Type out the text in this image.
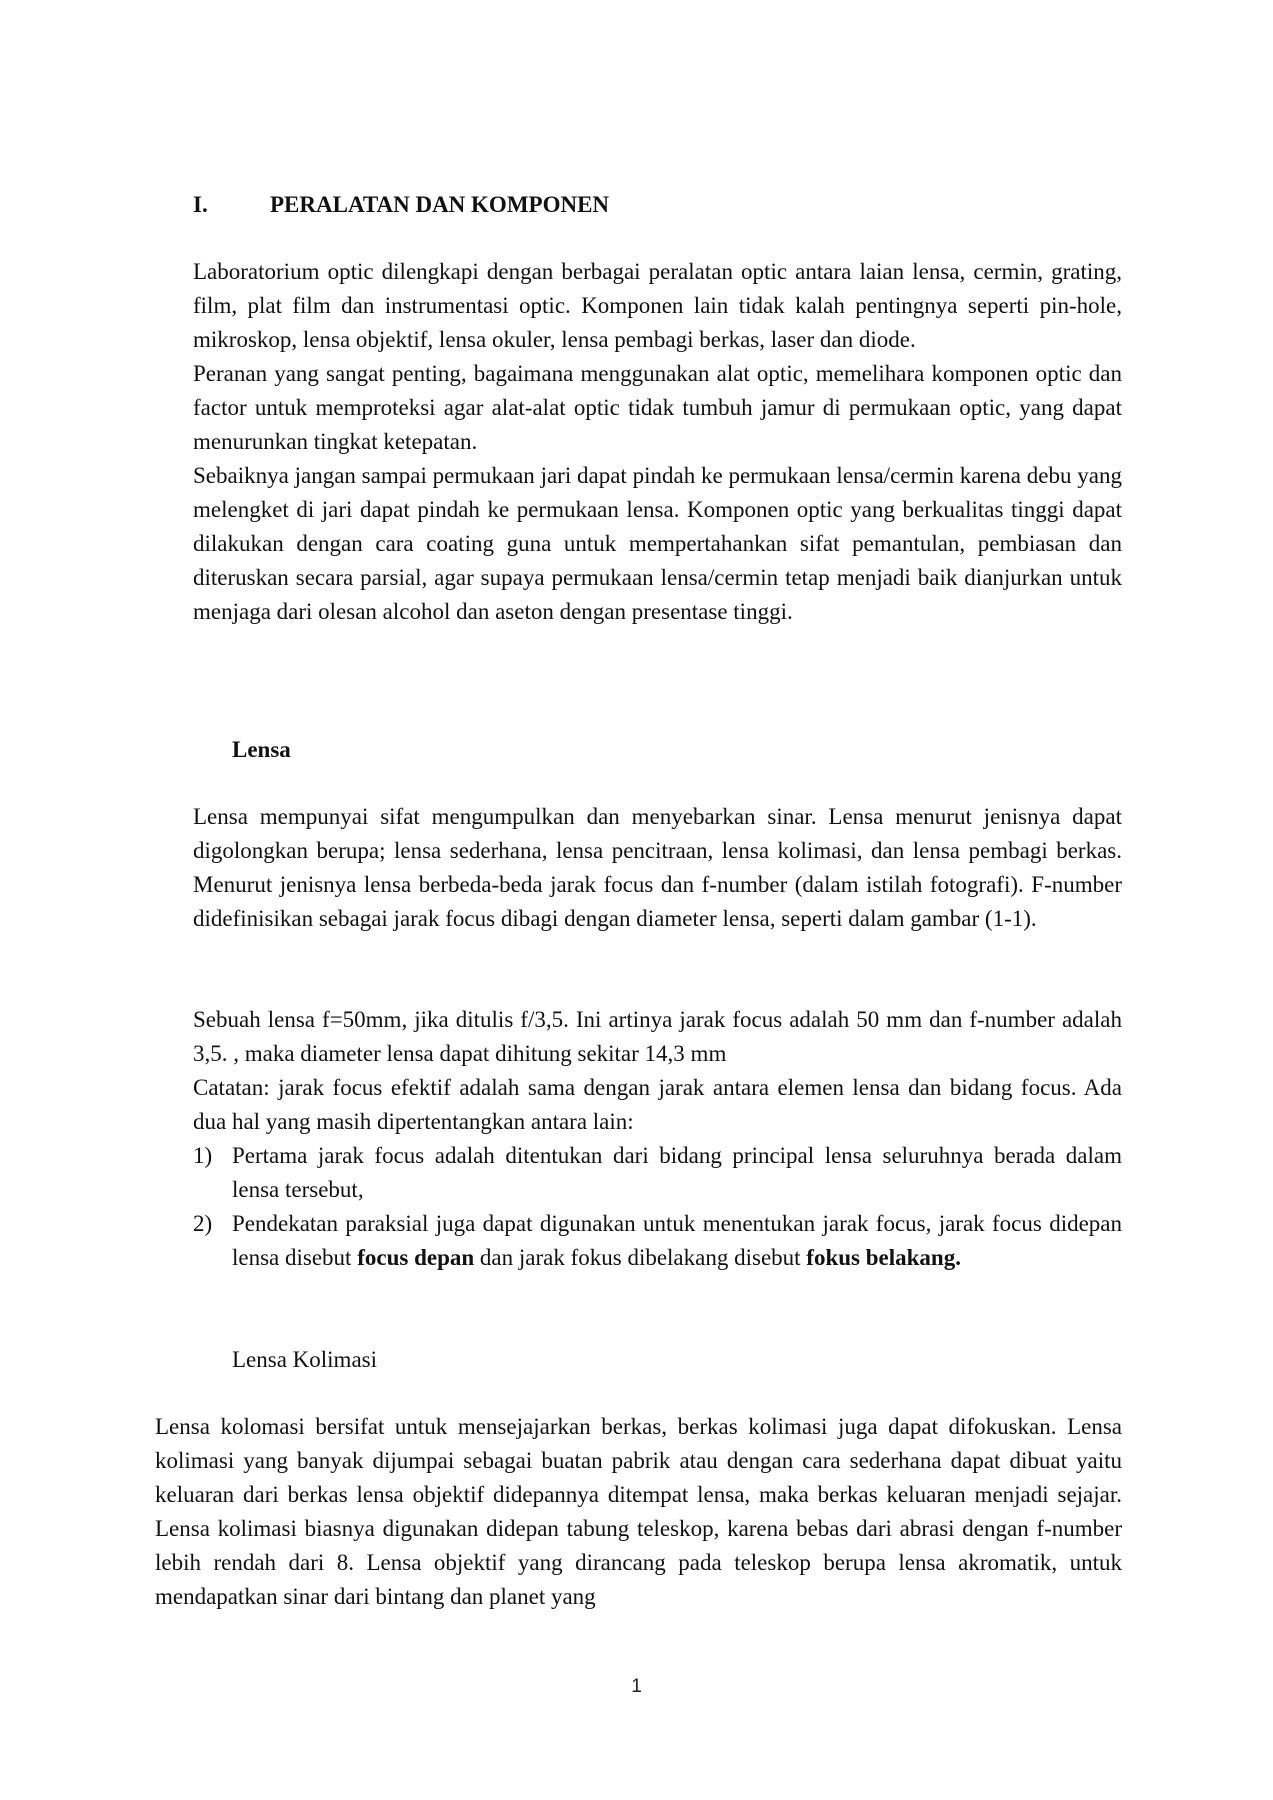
I.	PERALATAN DAN KOMPONEN
Laboratorium optic dilengkapi dengan berbagai peralatan optic antara laian lensa, cermin, grating, film, plat film dan instrumentasi optic. Komponen lain tidak kalah pentingnya seperti pin-hole, mikroskop, lensa objektif, lensa okuler, lensa pembagi berkas, laser dan diode.
Peranan yang sangat penting, bagaimana menggunakan alat optic, memelihara komponen optic dan factor untuk memproteksi agar alat-alat optic tidak tumbuh jamur di permukaan optic, yang dapat menurunkan tingkat ketepatan.
Sebaiknya jangan sampai permukaan jari dapat pindah ke permukaan lensa/cermin karena debu yang melengket di jari dapat pindah ke permukaan lensa. Komponen optic yang berkualitas tinggi dapat dilakukan dengan cara coating guna untuk mempertahankan sifat pemantulan, pembiasan dan diteruskan secara parsial, agar supaya permukaan lensa/cermin tetap menjadi baik dianjurkan untuk menjaga dari olesan alcohol dan aseton dengan presentase tinggi.
Lensa
Lensa mempunyai sifat mengumpulkan dan menyebarkan sinar. Lensa menurut jenisnya dapat digolongkan berupa; lensa sederhana, lensa pencitraan, lensa kolimasi, dan lensa pembagi berkas. Menurut jenisnya lensa berbeda-beda jarak focus dan f-number (dalam istilah fotografi). F-number didefinisikan sebagai jarak focus dibagi dengan diameter lensa, seperti dalam gambar (1-1).
Sebuah lensa f=50mm, jika ditulis f/3,5. Ini artinya jarak focus adalah 50 mm dan f-number adalah 3,5. , maka diameter lensa dapat dihitung sekitar 14,3 mm
Catatan: jarak focus efektif adalah sama dengan jarak antara elemen lensa dan bidang focus. Ada dua hal yang masih dipertentangkan antara lain:
1) Pertama jarak focus adalah ditentukan dari bidang principal lensa seluruhnya berada dalam lensa tersebut,
2) Pendekatan paraksial juga dapat digunakan untuk menentukan jarak focus, jarak focus didepan lensa disebut focus depan dan jarak fokus dibelakang disebut fokus belakang.
Lensa Kolimasi
Lensa kolomasi bersifat untuk mensejajarkan berkas, berkas kolimasi juga dapat difokuskan. Lensa kolimasi yang banyak dijumpai sebagai buatan pabrik atau dengan cara sederhana dapat dibuat yaitu keluaran dari berkas lensa objektif didepannya ditempat lensa, maka berkas keluaran menjadi sejajar. Lensa kolimasi biasnya digunakan didepan tabung teleskop, karena bebas dari abrasi dengan f-number lebih rendah dari 8. Lensa objektif yang dirancang pada teleskop berupa lensa akromatik, untuk mendapatkan sinar dari bintang dan planet yang
1
